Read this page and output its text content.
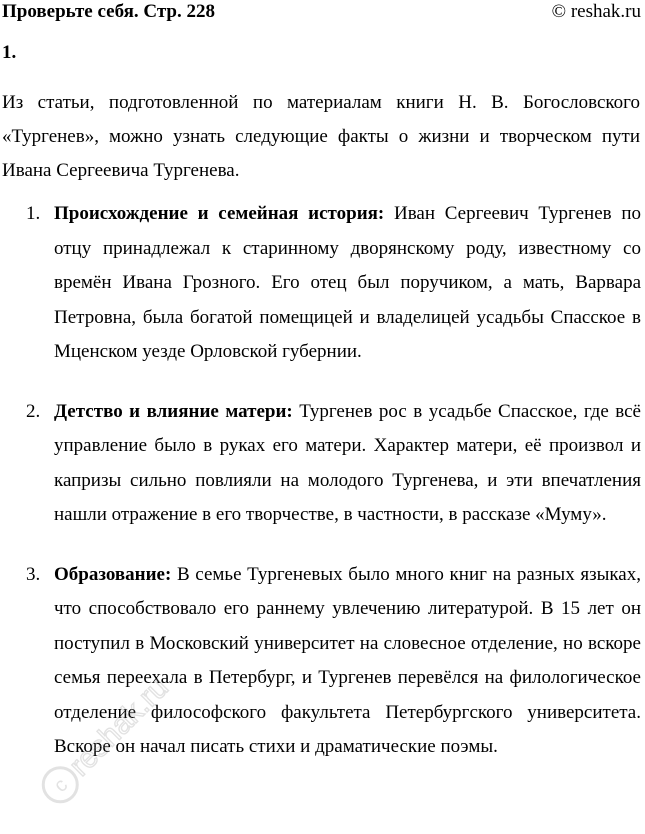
Проверьте себя. Стр. 228	© reshak.ru
1.

Из статьи, подготовленной по материалам книги Н. В. Богословского «Тургенев», можно узнать следующие факты о жизни и творческом пути Ивана Сергеевича Тургенева.

1. Происхождение и семейная история: Иван Сергеевич Тургенев по отцу принадлежал к старинному дворянскому роду, известному со времён Ивана Грозного. Его отец был поручиком, а мать, Варвара Петровна, была богатой помещицей и владелицей усадьбы Спасское в Мценском уезде Орловской губернии.
2. Детство и влияние матери: Тургенев рос в усадьбе Спасское, где всё управление было в руках его матери. Характер матери, её произвол и капризы сильно повлияли на молодого Тургенева, и эти впечатления нашли отражение в его творчестве, в частности, в рассказе «Муму».
3. Образование: В семье Тургеневых было много книг на разных языках, что способствовало его раннему увлечению литературой. В 15 лет он поступил в Московский университет на словесное отделение, но вскоре семья переехала в Петербург, и Тургенев перевёлся на филологическое отделение философского факультета Петербургского университета. Вскоре он начал писать стихи и драматические поэмы.
c
reshak.ru
